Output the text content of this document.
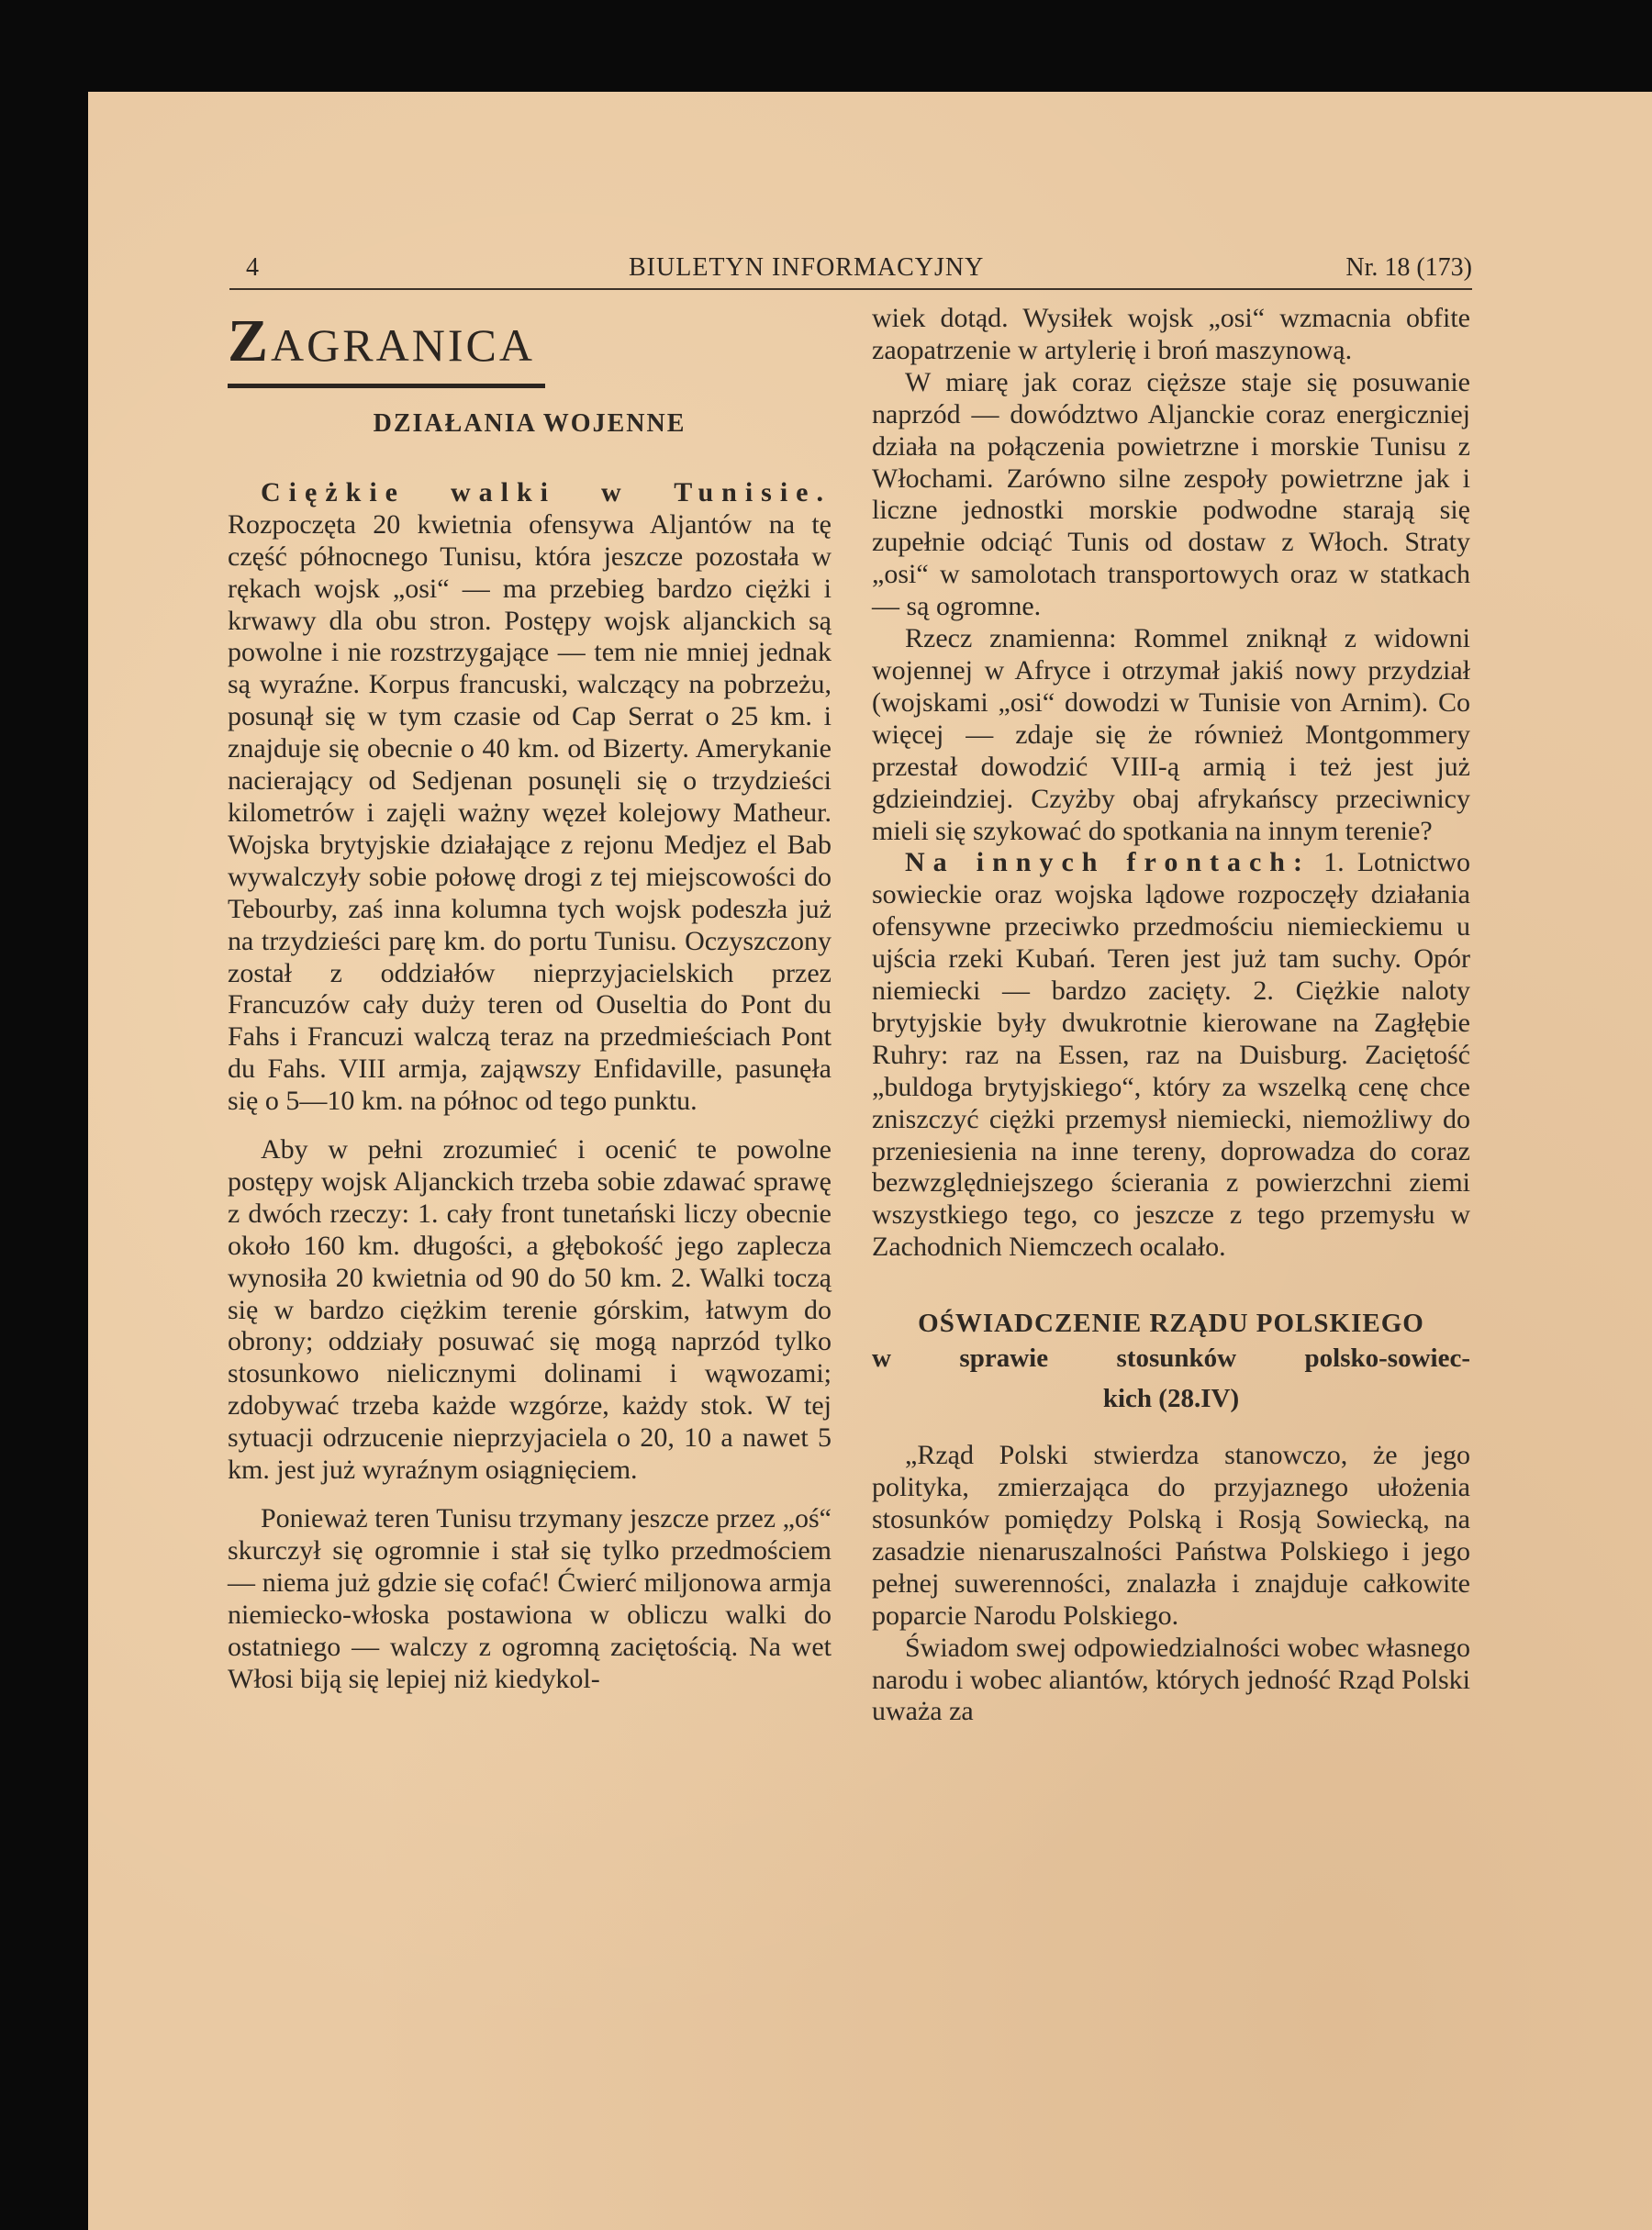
4	BIULETYN INFORMACYJNY	Nr. 18 (173)
ZAGRANICA
DZIAŁANIA WOJENNE

Ciężkie walki w Tunisie. Rozpoczęta 20 kwietnia ofensywa Aljantów na tę część północnego Tunisu, która jeszcze pozostała w rękach wojsk „osi“ — ma przebieg bardzo ciężki i krwawy dla obu stron. Postępy wojsk aljanckich są powolne i nie rozstrzygające — tem nie mniej jednak są wyraźne. Korpus francuski, walczący na pobrzeżu, posunął się w tym czasie od Cap Serrat o 25 km. i znajduje się obecnie o 40 km. od Bizerty. Amerykanie nacierający od Sedjenan posunęli się o trzydzieści kilometrów i zajęli ważny węzeł kolejowy Matheur. Wojska brytyjskie działające z rejonu Medjez el Bab wywalczyły sobie połowę drogi z tej miejscowości do Tebourby, zaś inna kolumna tych wojsk podeszła już na trzydzieści parę km. do portu Tunisu. Oczyszczony został z oddziałów nieprzyjacielskich przez Francuzów cały duży teren od Ouseltia do Pont du Fahs i Francuzi walczą teraz na przedmieściach Pont du Fahs. VIII armja, zająwszy Enfidaville, pasunęła się o 5—10 km. na północ od tego punktu.

Aby w pełni zrozumieć i ocenić te powolne postępy wojsk Aljanckich trzeba sobie zdawać sprawę z dwóch rzeczy: 1. cały front tunetański liczy obecnie około 160 km. długości, a głębokość jego zaplecza wynosiła 20 kwietnia od 90 do 50 km. 2. Walki toczą się w bardzo ciężkim terenie górskim, łatwym do obrony; oddziały posuwać się mogą naprzód tylko stosunkowo nielicznymi dolinami i wąwozami; zdobywać trzeba każde wzgórze, każdy stok. W tej sytuacji odrzucenie nieprzyjaciela o 20, 10 a nawet 5 km. jest już wyraźnym osiągnięciem.

Ponieważ teren Tunisu trzymany jeszcze przez „oś“ skurczył się ogromnie i stał się tylko przedmościem — niema już gdzie się cofać! Ćwierć miljonowa armja niemiecko-włoska postawiona w obliczu walki do ostatniego — walczy z ogromną zaciętością. Na wet Włosi biją się lepiej niż kiedykol-

wiek dotąd. Wysiłek wojsk „osi“ wzmacnia obfite zaopatrzenie w artylerię i broń maszynową.

W miarę jak coraz cięższe staje się posuwanie naprzód — dowództwo Aljanckie coraz energiczniej działa na połączenia powietrzne i morskie Tunisu z Włochami. Zarówno silne zespoły powietrzne jak i liczne jednostki morskie podwodne starają się zupełnie odciąć Tunis od dostaw z Włoch. Straty „osi“ w samolotach transportowych oraz w statkach — są ogromne.

Rzecz znamienna: Rommel zniknął z widowni wojennej w Afryce i otrzymał jakiś nowy przydział (wojskami „osi“ dowodzi w Tunisie von Arnim). Co więcej — zdaje się że również Montgommery przestał dowodzić VIII-ą armią i też jest już gdzieindziej. Czyżby obaj afrykańscy przeciwnicy mieli się szykować do spotkania na innym terenie?

Na innych frontach: 1. Lotnictwo sowieckie oraz wojska lądowe rozpoczęły działania ofensywne przeciwko przedmościu niemieckiemu u ujścia rzeki Kubań. Teren jest już tam suchy. Opór niemiecki — bardzo zacięty. 2. Ciężkie naloty brytyjskie były dwukrotnie kierowane na Zagłębie Ruhry: raz na Essen, raz na Duisburg. Zaciętość „buldoga brytyjskiego“, który za wszelką cenę chce zniszczyć ciężki przemysł niemiecki, niemożliwy do przeniesienia na inne tereny, doprowadza do coraz bezwzględniejszego ścierania z powierzchni ziemi wszystkiego tego, co jeszcze z tego przemysłu w Zachodnich Niemczech ocalało.

OŚWIADCZENIE RZĄDU POLSKIEGO
w sprawie stosunków polsko-sowiec-
kich (28.IV)

„Rząd Polski stwierdza stanowczo, że jego polityka, zmierzająca do przyjaznego ułożenia stosunków pomiędzy Polską i Rosją Sowiecką, na zasadzie nienaruszalności Państwa Polskiego i jego pełnej suwerenności, znalazła i znajduje całkowite poparcie Narodu Polskiego.

Świadom swej odpowiedzialności wobec własnego narodu i wobec aliantów, których jedność Rząd Polski uważa za
